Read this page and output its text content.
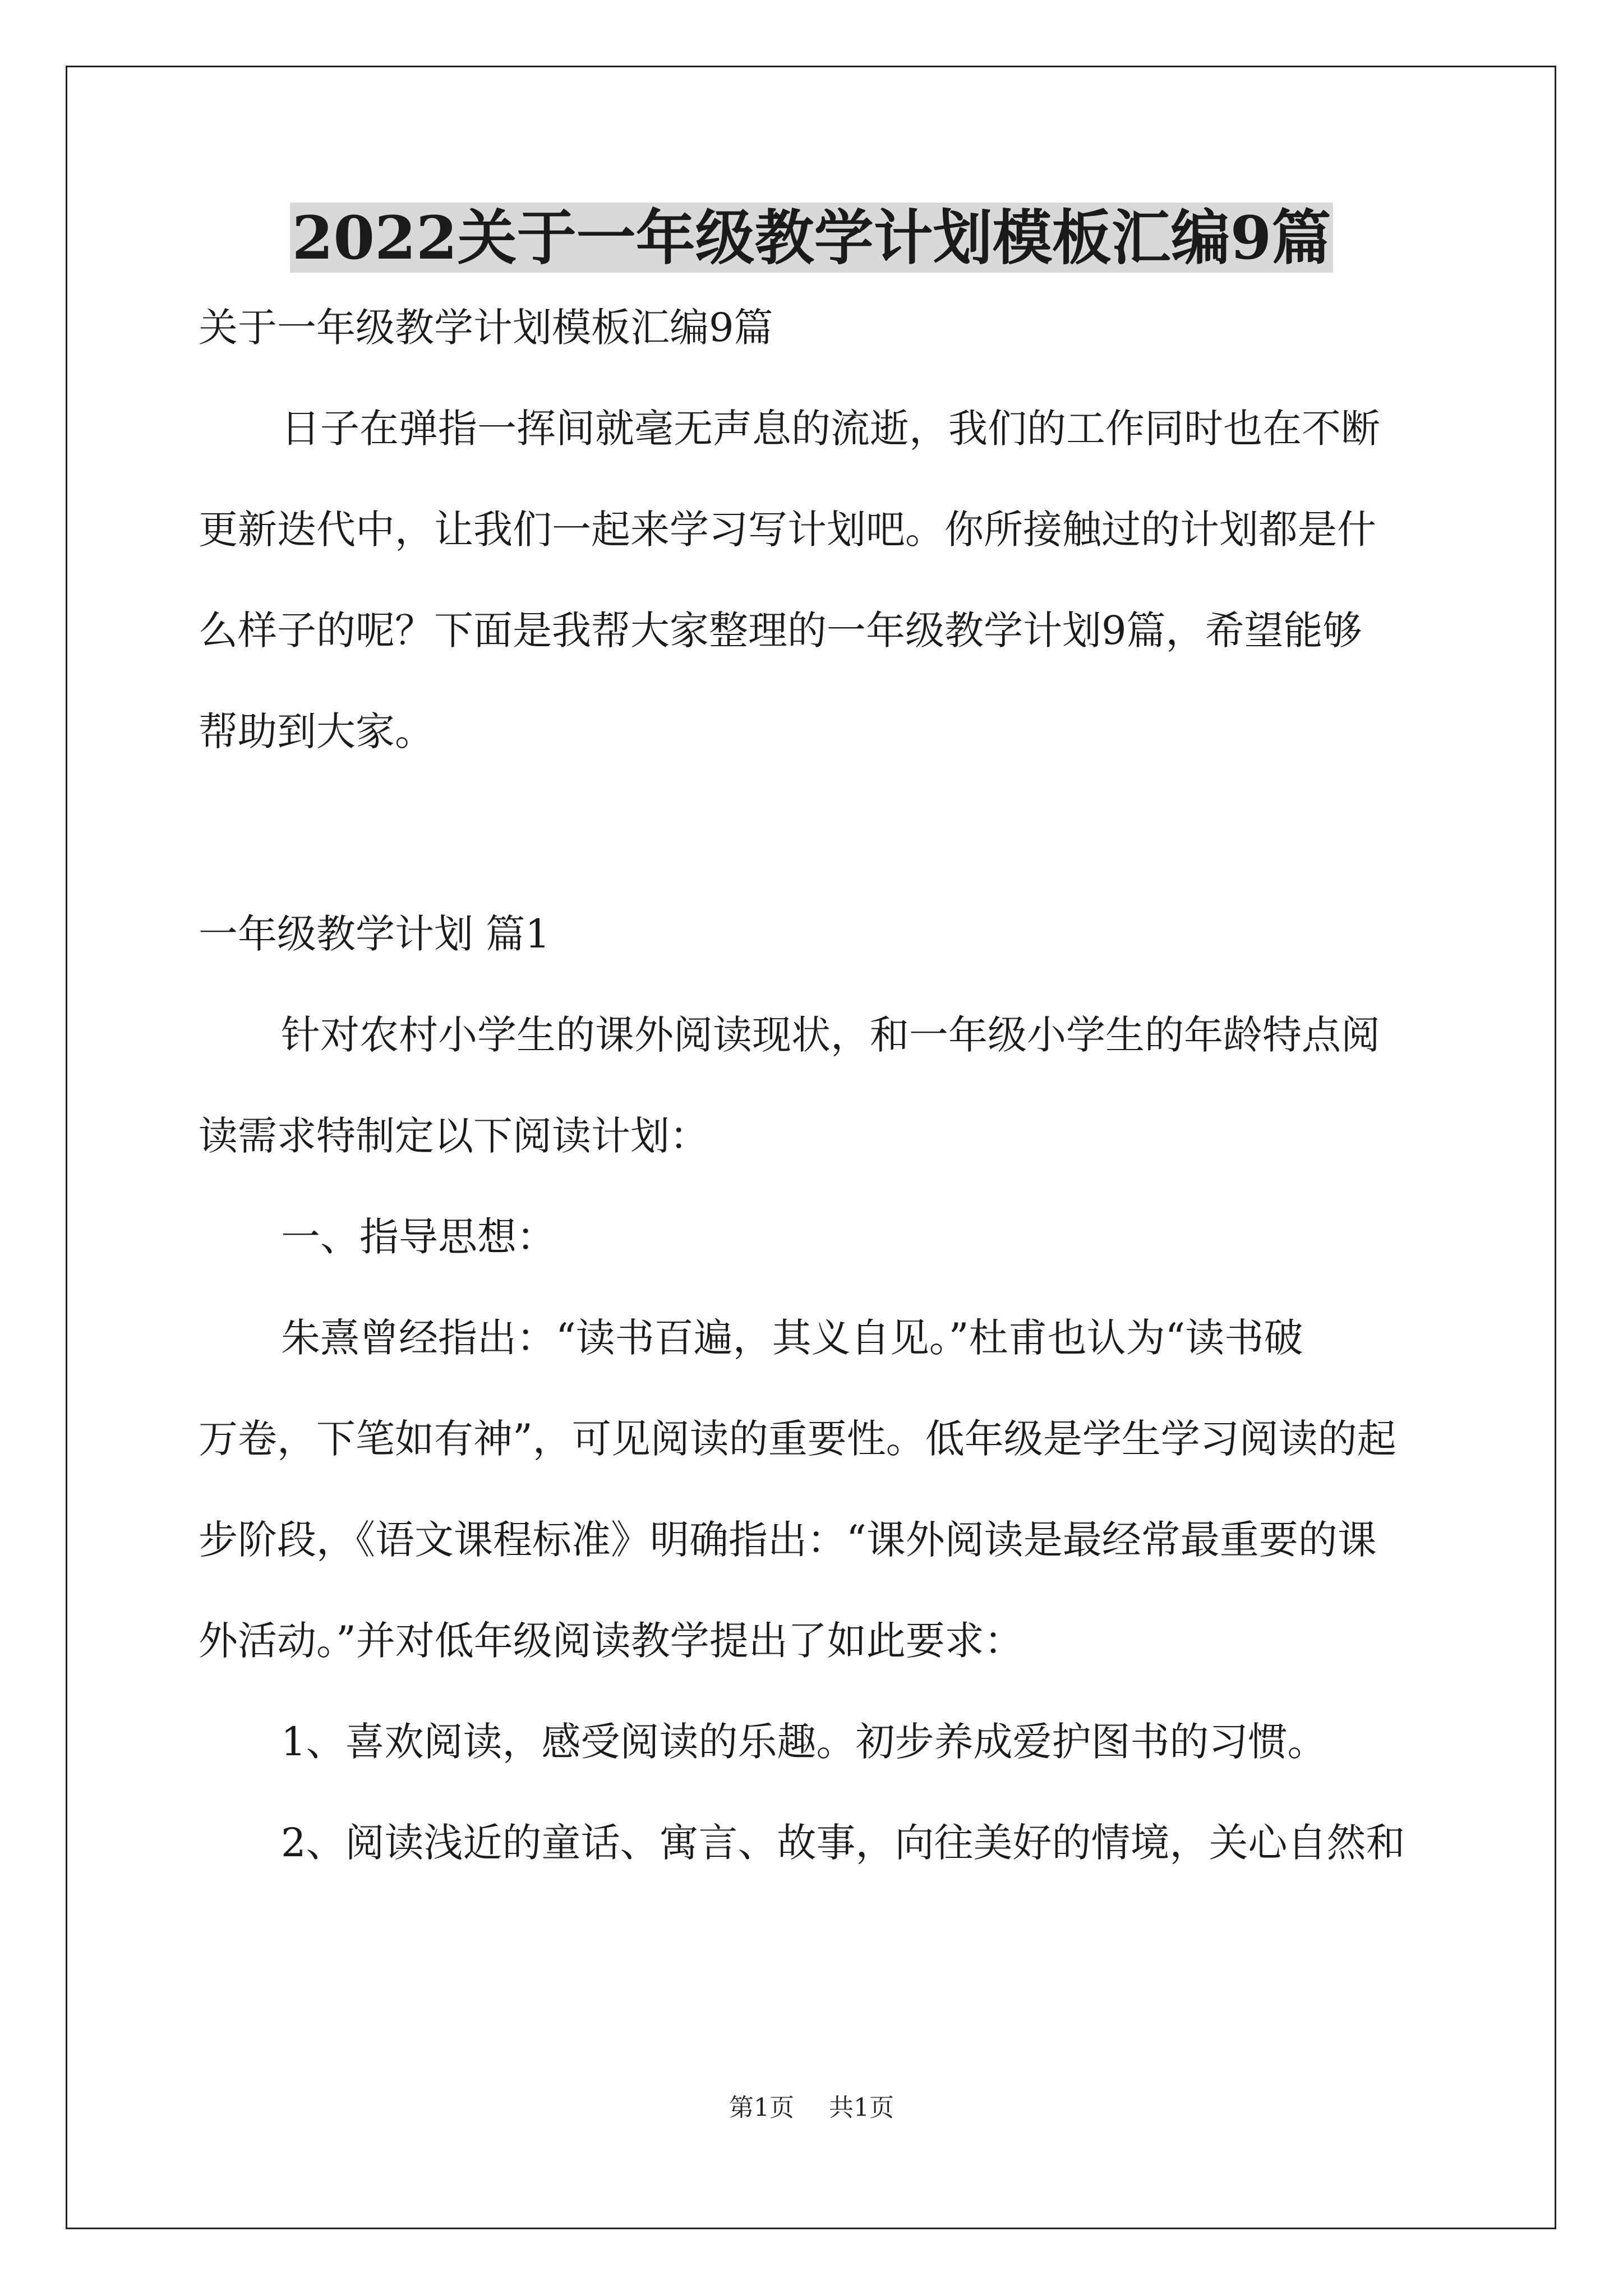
2022关于一年级教学计划模板汇编9篇

关于一年级教学计划模板汇编9篇

日子在弹指一挥间就毫无声息的流逝，我们的工作同时也在不断

更新迭代中，让我们一起来学习写计划吧。你所接触过的计划都是什

么样子的呢？下面是我帮大家整理的一年级教学计划9篇，希望能够

帮助到大家。

一年级教学计划 篇1

针对农村小学生的课外阅读现状，和一年级小学生的年龄特点阅

读需求特制定以下阅读计划：

一、指导思想：

朱熹曾经指出：“读书百遍，其义自见。”杜甫也认为“读书破

万卷，下笔如有神”，可见阅读的重要性。低年级是学生学习阅读的起

步阶段，《语文课程标准》明确指出：“课外阅读是最经常最重要的课

外活动。”并对低年级阅读教学提出了如此要求：

1、喜欢阅读，感受阅读的乐趣。初步养成爱护图书的习惯。

2、阅读浅近的童话、寓言、故事，向往美好的情境，关心自然和

第1页 共1页
